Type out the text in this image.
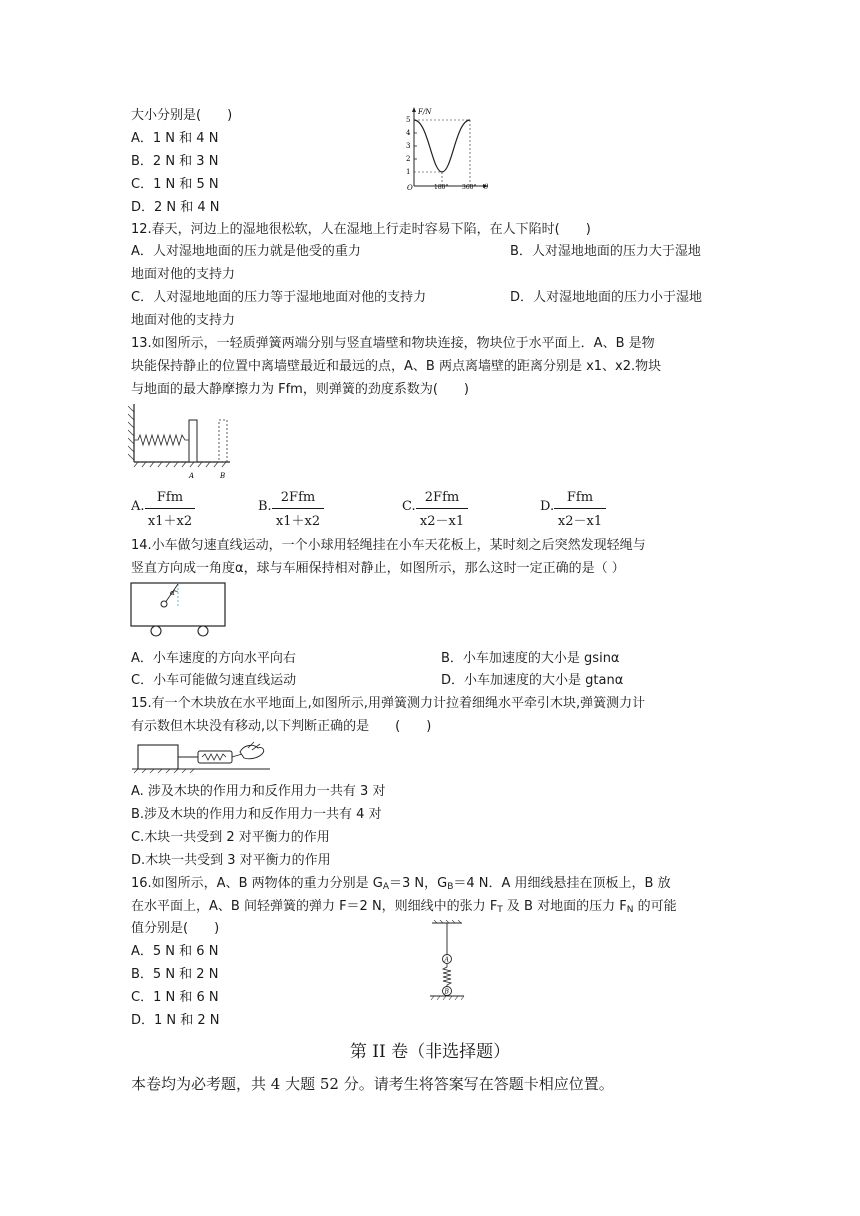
大小分别是(　　)
A．1 N 和 4 N
B．2 N 和 3 N
C．1 N 和 5 N
D．2 N 和 4 N
F/N
5
4
3
2
1
O	180° 360° θ
12.春天，河边上的湿地很松软，人在湿地上行走时容易下陷，在人下陷时(　　)
A．人对湿地地面的压力就是他受的重力	B．人对湿地地面的压力大于湿地
地面对他的支持力
C．人对湿地地面的压力等于湿地地面对他的支持力	D．人对湿地地面的压力小于湿地
地面对他的支持力
13.如图所示，一轻质弹簧两端分别与竖直墙壁和物块连接，物块位于水平面上．A、B 是物
块能保持静止的位置中离墙壁最近和最远的点，A、B 两点离墙壁的距离分别是 x1、x2.物块
与地面的最大静摩擦力为 Ffm，则弹簧的劲度系数为(　　)
A	B
A.
Ffm
x1＋x2
B.
2Ffm
x1＋x2
C.
2Ffm
x2－x1
D.
Ffm
x2－x1
14.小车做匀速直线运动，一个小球用轻绳挂在小车天花板上，某时刻之后突然发现轻绳与
竖直方向成一角度α，球与车厢保持相对静止，如图所示，那么这时一定正确的是（ ）
α
A．小车速度的方向水平向右	B．小车加速度的大小是 gsinα
C．小车可能做匀速直线运动	D．小车加速度的大小是 gtanα
15.有一个木块放在水平地面上,如图所示,用弹簧测力计拉着细绳水平牵引木块,弹簧测力计
有示数但木块没有移动,以下判断正确的是　　(　　)
A. 涉及木块的作用力和反作用力一共有 3 对
B.涉及木块的作用力和反作用力一共有 4 对
C.木块一共受到 2 对平衡力的作用
D.木块一共受到 3 对平衡力的作用
16.如图所示，A、B 两物体的重力分别是 $G_A=3$ N，$G_B=4$ N．A 用细线悬挂在顶板上，B 放
在水平面上，A、B 间轻弹簧的弹力 F＝2 N，则细线中的张力 $F_T$ 及 B 对地面的压力 $F_N$ 的可能
值分别是(　　)
A
B
A．5 N 和 6 N
B．5 N 和 2 N
C．1 N 和 6 N
D．1 N 和 2 N
第 II 卷（非选择题）
本卷均为必考题，共 4 大题 52 分。请考生将答案写在答题卡相应位置。
